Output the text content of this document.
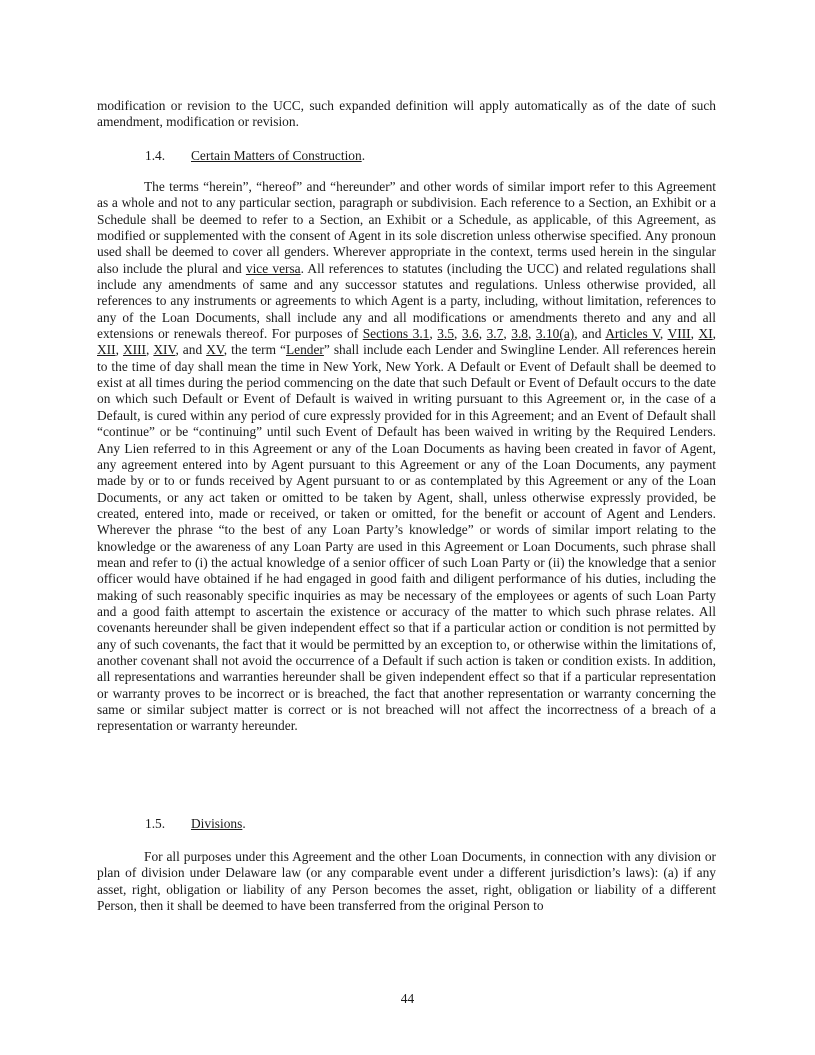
modification or revision to the UCC, such expanded definition will apply automatically as of the date of such amendment, modification or revision.

1.4. Certain Matters of Construction.

The terms “herein”, “hereof” and “hereunder” and other words of similar import refer to this Agreement as a whole and not to any particular section, paragraph or subdivision. Each reference to a Section, an Exhibit or a Schedule shall be deemed to refer to a Section, an Exhibit or a Schedule, as applicable, of this Agreement, as modified or supplemented with the consent of Agent in its sole discretion unless otherwise specified. Any pronoun used shall be deemed to cover all genders. Wherever appropriate in the context, terms used herein in the singular also include the plural and vice versa. All references to statutes (including the UCC) and related regulations shall include any amendments of same and any successor statutes and regulations. Unless otherwise provided, all references to any instruments or agreements to which Agent is a party, including, without limitation, references to any of the Loan Documents, shall include any and all modifications or amendments thereto and any and all extensions or renewals thereof. For purposes of Sections 3.1, 3.5, 3.6, 3.7, 3.8, 3.10(a), and Articles V, VIII, XI, XII, XIII, XIV, and XV, the term “Lender” shall include each Lender and Swingline Lender. All references herein to the time of day shall mean the time in New York, New York. A Default or Event of Default shall be deemed to exist at all times during the period commencing on the date that such Default or Event of Default occurs to the date on which such Default or Event of Default is waived in writing pursuant to this Agreement or, in the case of a Default, is cured within any period of cure expressly provided for in this Agreement; and an Event of Default shall “continue” or be “continuing” until such Event of Default has been waived in writing by the Required Lenders. Any Lien referred to in this Agreement or any of the Loan Documents as having been created in favor of Agent, any agreement entered into by Agent pursuant to this Agreement or any of the Loan Documents, any payment made by or to or funds received by Agent pursuant to or as contemplated by this Agreement or any of the Loan Documents, or any act taken or omitted to be taken by Agent, shall, unless otherwise expressly provided, be created, entered into, made or received, or taken or omitted, for the benefit or account of Agent and Lenders. Wherever the phrase “to the best of any Loan Party’s knowledge” or words of similar import relating to the knowledge or the awareness of any Loan Party are used in this Agreement or Loan Documents, such phrase shall mean and refer to (i) the actual knowledge of a senior officer of such Loan Party or (ii) the knowledge that a senior officer would have obtained if he had engaged in good faith and diligent performance of his duties, including the making of such reasonably specific inquiries as may be necessary of the employees or agents of such Loan Party and a good faith attempt to ascertain the existence or accuracy of the matter to which such phrase relates. All covenants hereunder shall be given independent effect so that if a particular action or condition is not permitted by any of such covenants, the fact that it would be permitted by an exception to, or otherwise within the limitations of, another covenant shall not avoid the occurrence of a Default if such action is taken or condition exists. In addition, all representations and warranties hereunder shall be given independent effect so that if a particular representation or warranty proves to be incorrect or is breached, the fact that another representation or warranty concerning the same or similar subject matter is correct or is not breached will not affect the incorrectness of a breach of a representation or warranty hereunder.

1.5. Divisions.

For all purposes under this Agreement and the other Loan Documents, in connection with any division or plan of division under Delaware law (or any comparable event under a different jurisdiction’s laws): (a) if any asset, right, obligation or liability of any Person becomes the asset, right, obligation or liability of a different Person, then it shall be deemed to have been transferred from the original Person to

44
